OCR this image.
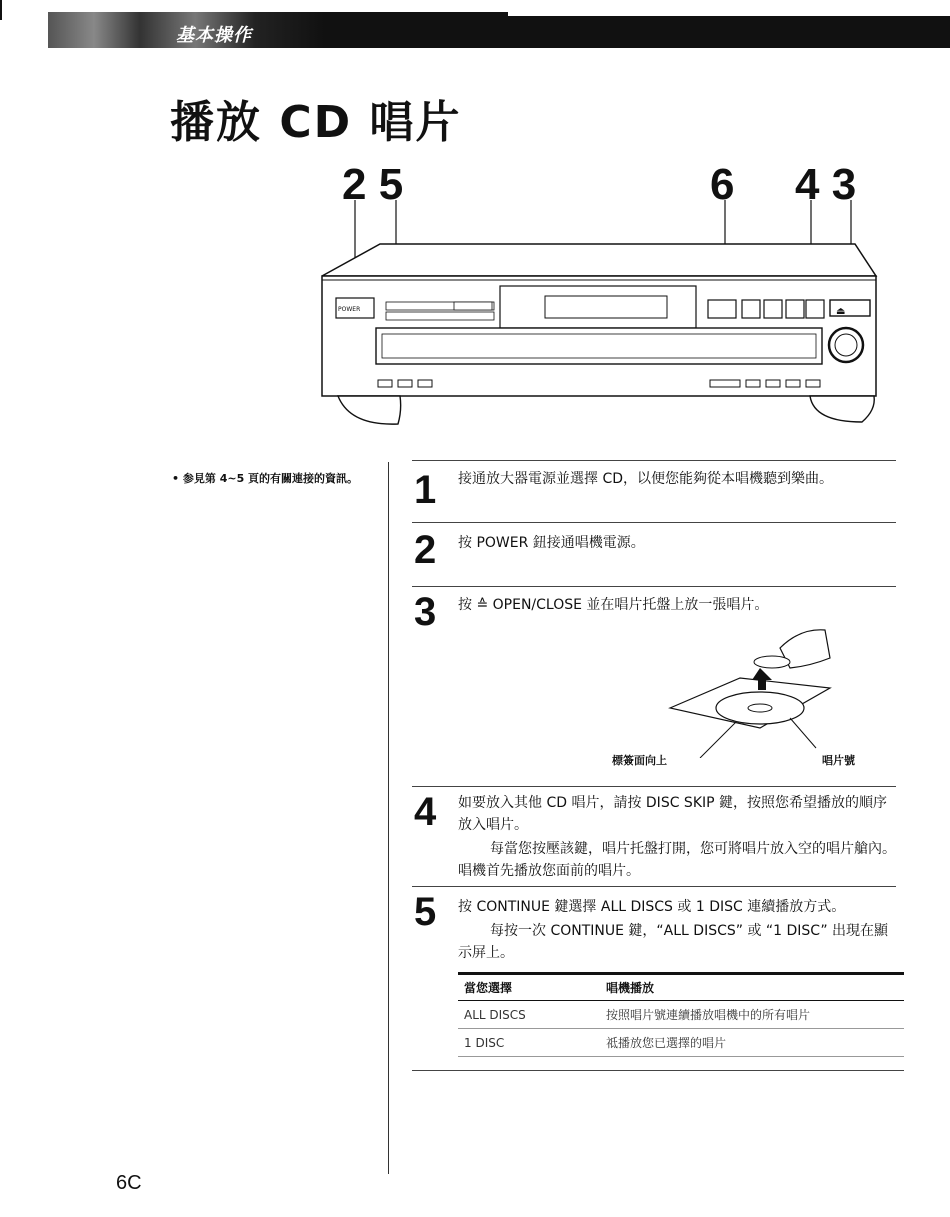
基本操作
播放 CD 唱片
2 5	6 4 3
POWER	⏏
• 参見第 4~5 頁的有關連接的資訊。	1 接通放大器電源並選擇 CD，以便您能夠從本唱機聽到樂曲。
2 按 POWER 鈕接通唱機電源。
3 按 ≙ OPEN/CLOSE 並在唱片托盤上放一張唱片。
標簽面向上	唱片號
4 如要放入其他 CD 唱片，請按 DISC SKIP 鍵，按照您希望播放的順序放入唱片。
每當您按壓該鍵，唱片托盤打開，您可將唱片放入空的唱片艙內。唱機首先播放您面前的唱片。
5 按 CONTINUE 鍵選擇 ALL DISCS 或 1 DISC 連續播放方式。
每按一次 CONTINUE 鍵，“ALL DISCS” 或 “1 DISC” 出現在顯示屏上。
當您選擇	唱機播放
ALL DISCS	按照唱片號連續播放唱機中的所有唱片
1 DISC	祗播放您已選擇的唱片
6C
